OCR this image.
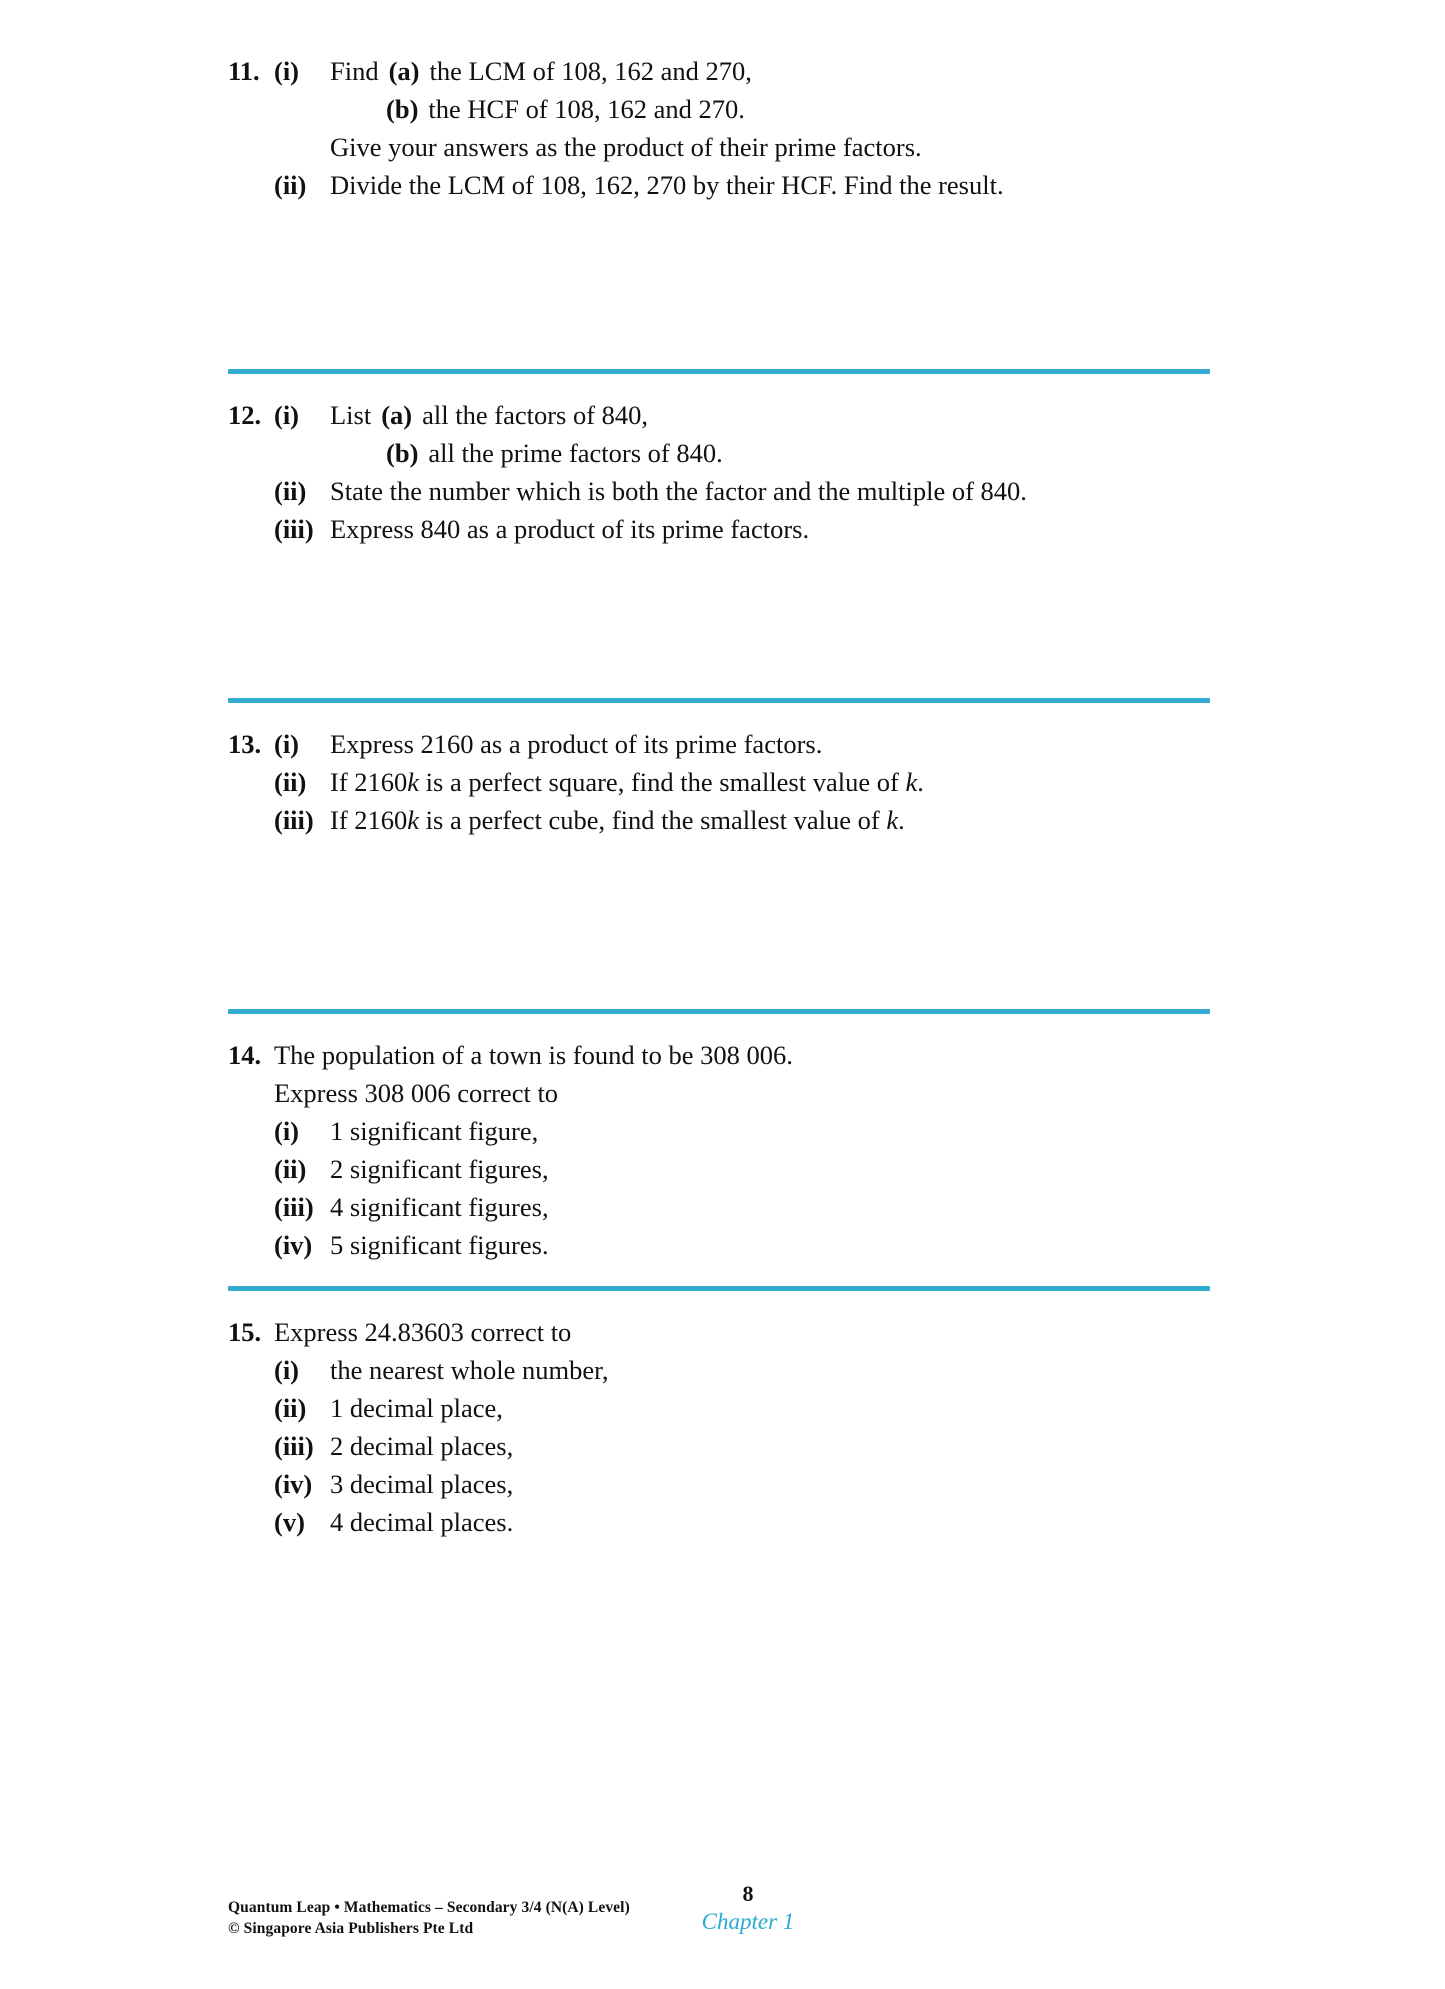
11. (i)	Find (a) the LCM of 108, 162 and 270,
(b) the HCF of 108, 162 and 270.
Give your answers as the product of their prime factors.
(ii) Divide the LCM of 108, 162, 270 by their HCF. Find the result.
12. (i)	List (a) all the factors of 840,
(b) all the prime factors of 840.
(ii) State the number which is both the factor and the multiple of 840.
(iii) Express 840 as a product of its prime factors.
13. (i)	Express 2160 as a product of its prime factors.
(ii) If 2160k is a perfect square, find the smallest value of k.
(iii) If 2160k is a perfect cube, find the smallest value of k.
14. The population of a town is found to be 308 006.
Express 308 006 correct to
(i)	1 significant figure,
(ii) 2 significant figures,
(iii) 4 significant figures,
(iv) 5 significant figures.
15. Express 24.83603 correct to
(i)	the nearest whole number,
(ii) 1 decimal place,
(iii) 2 decimal places,
(iv) 3 decimal places,
(v) 4 decimal places.
Quantum Leap • Mathematics – Secondary 3/4 (N(A) Level)
© Singapore Asia Publishers Pte Ltd
8
Chapter 1
